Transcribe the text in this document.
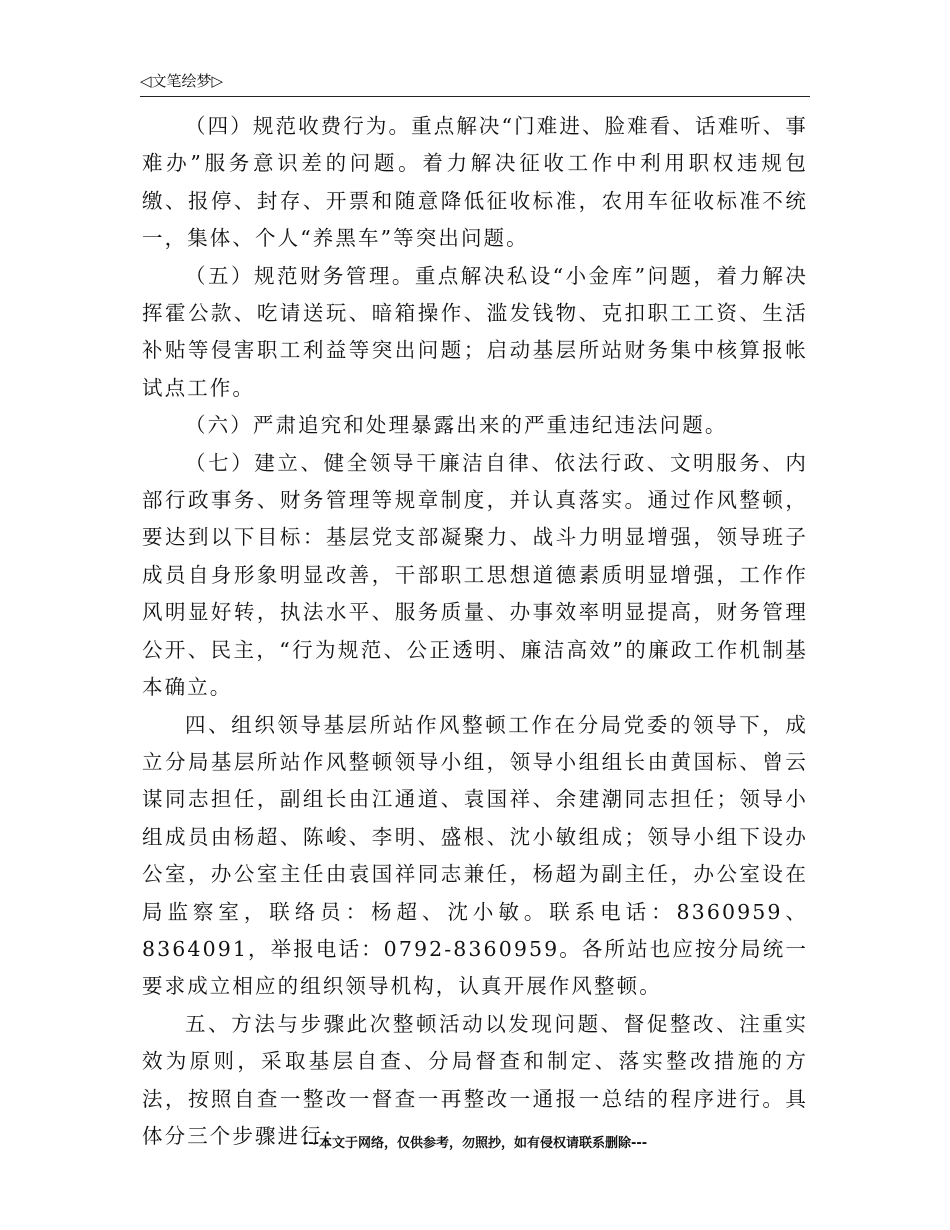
◁文笔绘梦▷

（四）规范收费行为。重点解决“门难进、脸难看、话难听、事难办”服务意识差的问题。着力解决征收工作中利用职权违规包缴、报停、封存、开票和随意降低征收标准，农用车征收标准不统一，集体、个人“养黑车”等突出问题。

（五）规范财务管理。重点解决私设“小金库”问题，着力解决挥霍公款、吃请送玩、暗箱操作、滥发钱物、克扣职工工资、生活补贴等侵害职工利益等突出问题；启动基层所站财务集中核算报帐试点工作。

（六）严肃追究和处理暴露出来的严重违纪违法问题。

（七）建立、健全领导干廉洁自律、依法行政、文明服务、内部行政事务、财务管理等规章制度，并认真落实。通过作风整顿，要达到以下目标：基层党支部凝聚力、战斗力明显增强，领导班子成员自身形象明显改善，干部职工思想道德素质明显增强，工作作风明显好转，执法水平、服务质量、办事效率明显提高，财务管理公开、民主，“行为规范、公正透明、廉洁高效”的廉政工作机制基本确立。

四、组织领导基层所站作风整顿工作在分局党委的领导下，成立分局基层所站作风整顿领导小组，领导小组组长由黄国标、曾云谋同志担任，副组长由江通道、袁国祥、余建潮同志担任；领导小组成员由杨超、陈峻、李明、盛根、沈小敏组成；领导小组下设办公室，办公室主任由袁国祥同志兼任，杨超为副主任，办公室设在局监察室，联络员：杨超、沈小敏。联系电话：8360959、8364091，举报电话：0792-8360959。各所站也应按分局统一要求成立相应的组织领导机构，认真开展作风整顿。

五、方法与步骤此次整顿活动以发现问题、督促整改、注重实效为原则，采取基层自查、分局督查和制定、落实整改措施的方法，按照自查一整改一督查一再整改一通报一总结的程序进行。具体分三个步骤进行：

---本文于网络，仅供参考，勿照抄，如有侵权请联系删除---
